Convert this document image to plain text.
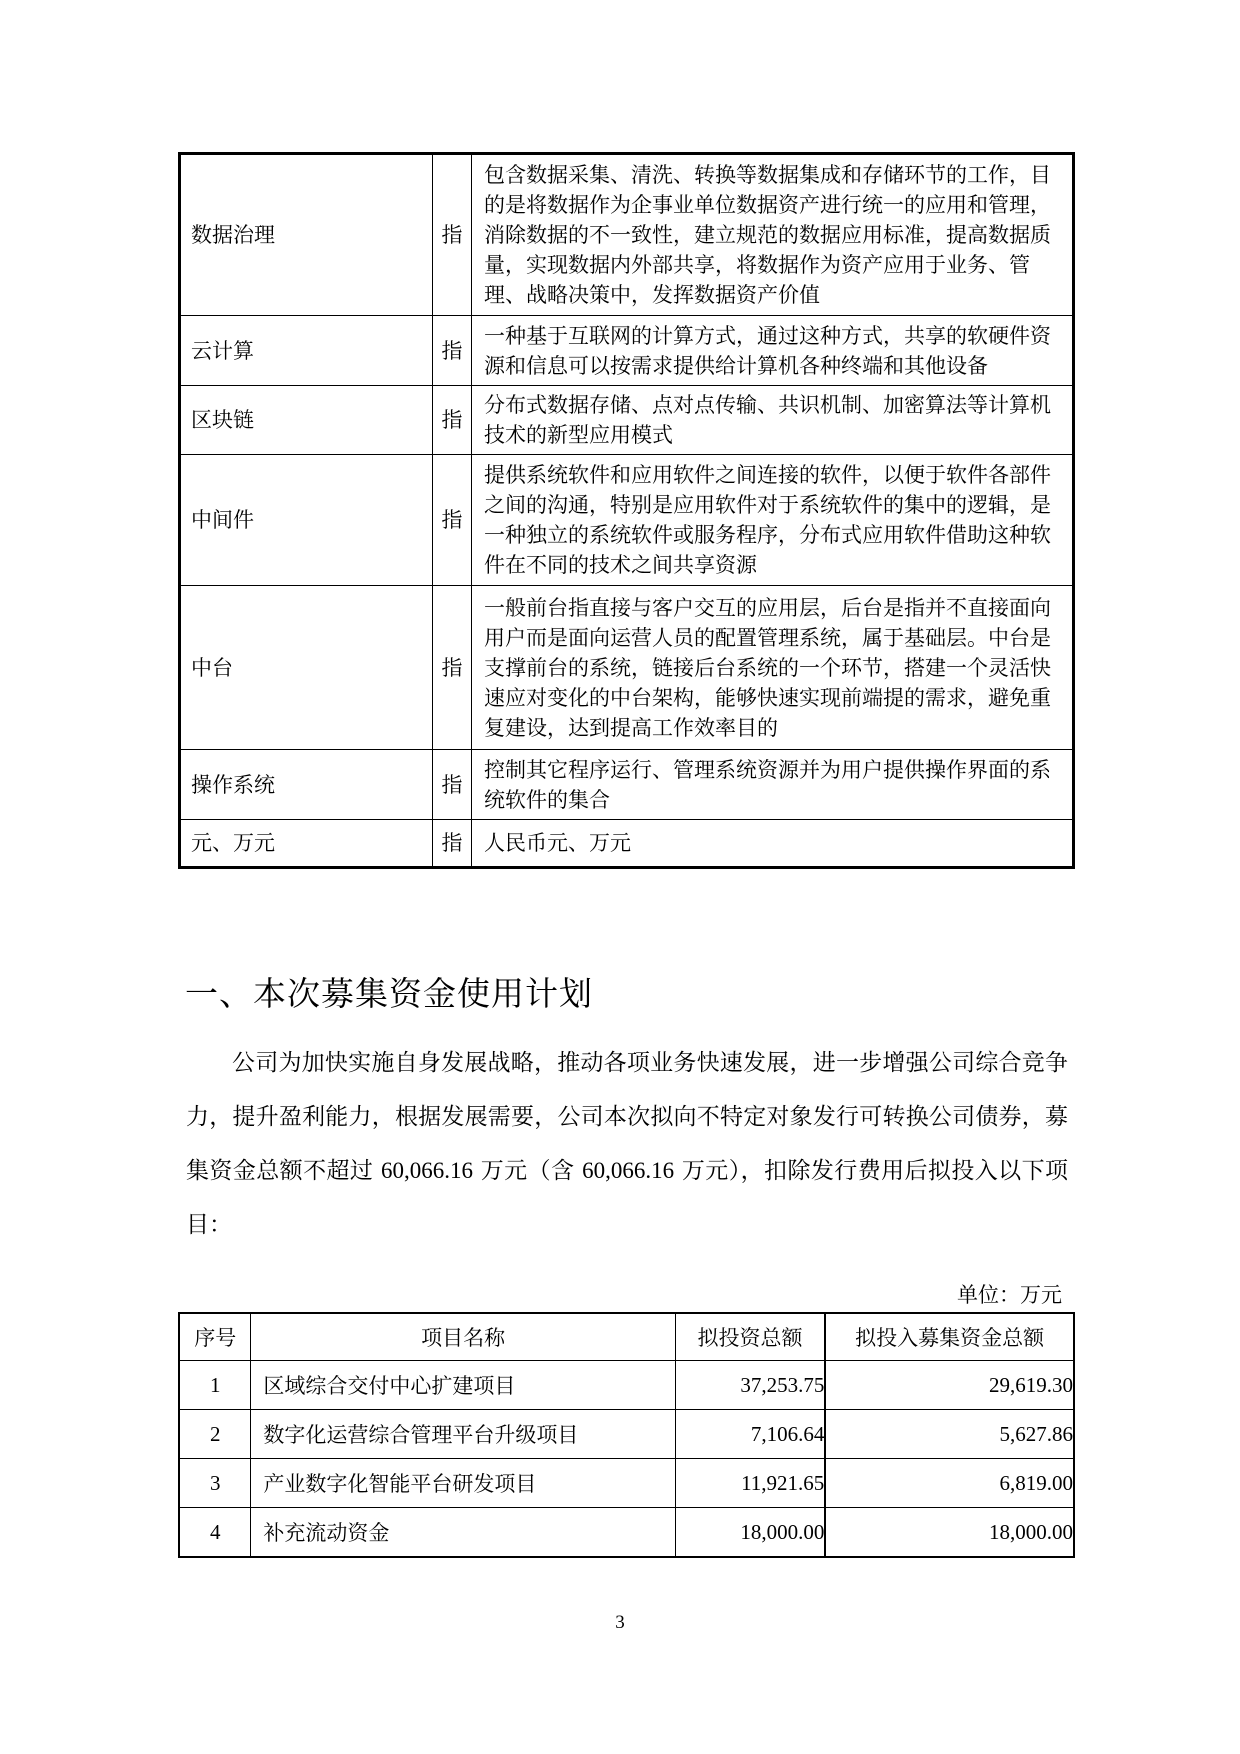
数据治理	指	包含数据采集、清洗、转换等数据集成和存储环节的工作，目的是将数据作为企事业单位数据资产进行统一的应用和管理，消除数据的不一致性，建立规范的数据应用标准，提高数据质量，实现数据内外部共享，将数据作为资产应用于业务、管理、战略决策中，发挥数据资产价值
云计算	指	一种基于互联网的计算方式，通过这种方式，共享的软硬件资源和信息可以按需求提供给计算机各种终端和其他设备
区块链	指	分布式数据存储、点对点传输、共识机制、加密算法等计算机技术的新型应用模式
中间件	指	提供系统软件和应用软件之间连接的软件，以便于软件各部件之间的沟通，特别是应用软件对于系统软件的集中的逻辑，是一种独立的系统软件或服务程序，分布式应用软件借助这种软件在不同的技术之间共享资源
中台	指	一般前台指直接与客户交互的应用层，后台是指并不直接面向用户而是面向运营人员的配置管理系统，属于基础层。中台是支撑前台的系统，链接后台系统的一个环节，搭建一个灵活快速应对变化的中台架构，能够快速实现前端提的需求，避免重复建设，达到提高工作效率目的
操作系统	指	控制其它程序运行、管理系统资源并为用户提供操作界面的系统软件的集合
元、万元	指	人民币元、万元
一、本次募集资金使用计划

公司为加快实施自身发展战略，推动各项业务快速发展，进一步增强公司综合竞争力，提升盈利能力，根据发展需要，公司本次拟向不特定对象发行可转换公司债券，募集资金总额不超过 60,066.16 万元（含 60,066.16 万元），扣除发行费用后拟投入以下项目：

单位：万元
序号	项目名称	拟投资总额	拟投入募集资金总额
1	区域综合交付中心扩建项目	37,253.75	29,619.30
2	数字化运营综合管理平台升级项目	7,106.64	5,627.86
3	产业数字化智能平台研发项目	11,921.65	6,819.00
4	补充流动资金	18,000.00	18,000.00
3
